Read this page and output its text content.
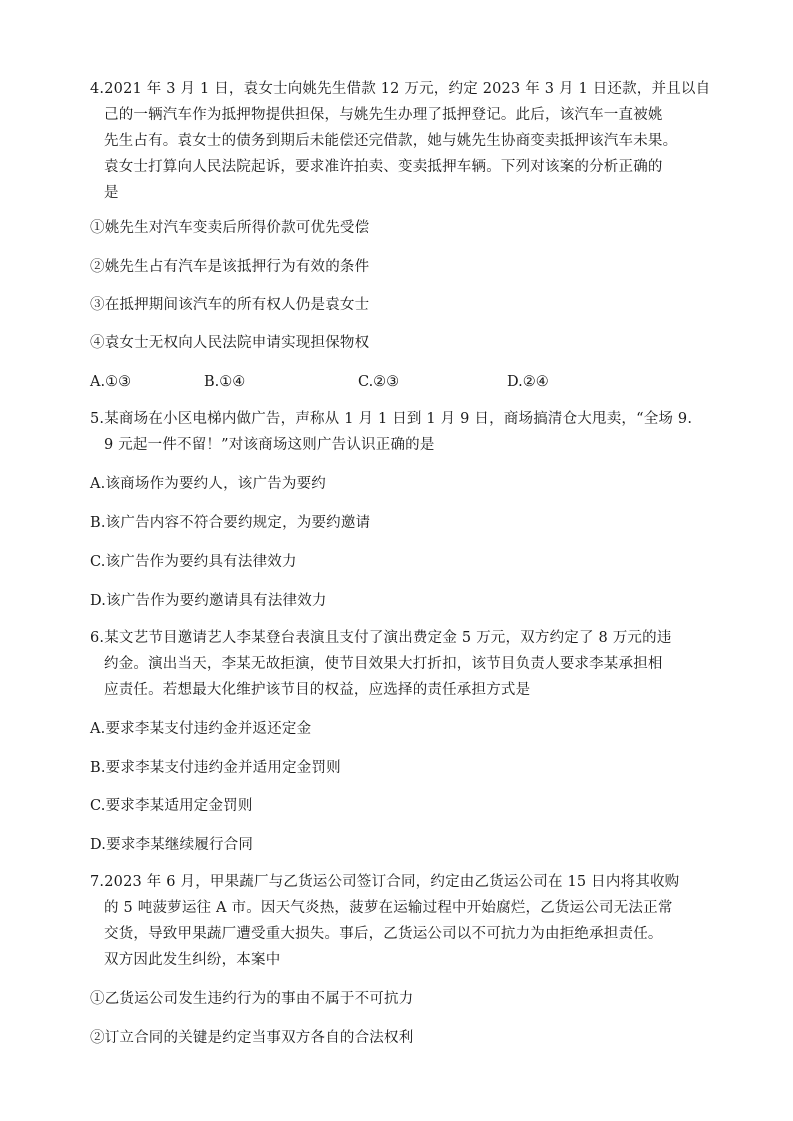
4.2021 年 3 月 1 日，袁女士向姚先生借款 12 万元，约定 2023 年 3 月 1 日还款，并且以自
己的一辆汽车作为抵押物提供担保，与姚先生办理了抵押登记。此后，该汽车一直被姚
先生占有。袁女士的债务到期后未能偿还完借款，她与姚先生协商变卖抵押该汽车未果。
袁女士打算向人民法院起诉，要求准许拍卖、变卖抵押车辆。下列对该案的分析正确的
是
①姚先生对汽车变卖后所得价款可优先受偿
②姚先生占有汽车是该抵押行为有效的条件
③在抵押期间该汽车的所有权人仍是袁女士
④袁女士无权向人民法院申请实现担保物权
A.①③	B.①④	C.②③	D.②④
5.某商场在小区电梯内做广告，声称从 1 月 1 日到 1 月 9 日，商场搞清仓大甩卖，“全场 9.
9 元起一件不留！”对该商场这则广告认识正确的是
A.该商场作为要约人，该广告为要约
B.该广告内容不符合要约规定，为要约邀请
C.该广告作为要约具有法律效力
D.该广告作为要约邀请具有法律效力
6.某文艺节目邀请艺人李某登台表演且支付了演出费定金 5 万元，双方约定了 8 万元的违
约金。演出当天，李某无故拒演，使节目效果大打折扣，该节目负责人要求李某承担相
应责任。若想最大化维护该节目的权益，应选择的责任承担方式是
A.要求李某支付违约金并返还定金
B.要求李某支付违约金并适用定金罚则
C.要求李某适用定金罚则
D.要求李某继续履行合同
7.2023 年 6 月，甲果蔬厂与乙货运公司签订合同，约定由乙货运公司在 15 日内将其收购
的 5 吨菠萝运往 A 市。因天气炎热，菠萝在运输过程中开始腐烂，乙货运公司无法正常
交货，导致甲果蔬厂遭受重大损失。事后，乙货运公司以不可抗力为由拒绝承担责任。
双方因此发生纠纷，本案中
①乙货运公司发生违约行为的事由不属于不可抗力
②订立合同的关键是约定当事双方各自的合法权利
